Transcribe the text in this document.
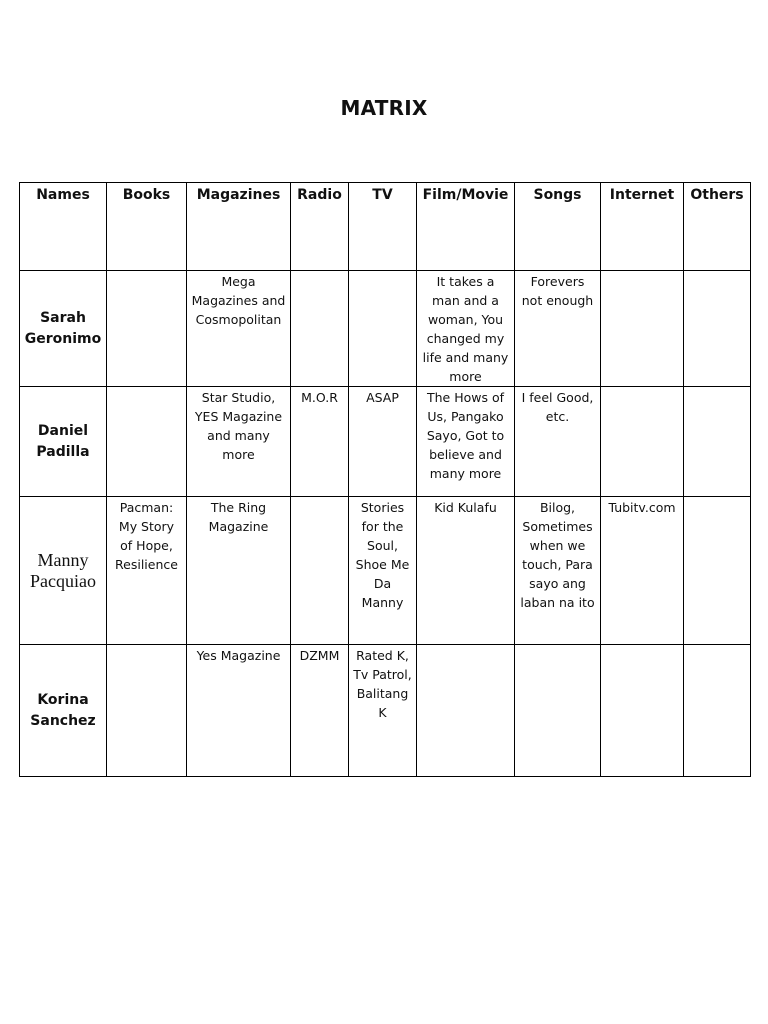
MATRIX
Names	Books	Magazines	Radio	TV	Film/Movie	Songs	Internet	Others
Sarah Geronimo		Mega Magazines and Cosmopolitan			It takes a man and a woman, You changed my life and many more	Forevers not enough		
Daniel Padilla		Star Studio, YES Magazine and many more	M.O.R	ASAP	The Hows of Us, Pangako Sayo, Got to believe and many more	I feel Good, etc.		
Manny Pacquiao	Pacman: My Story of Hope, Resilience	The Ring Magazine		Stories for the Soul, Shoe Me Da Manny	Kid Kulafu	Bilog, Sometimes when we touch, Para sayo ang laban na ito	Tubitv.com	
Korina Sanchez		Yes Magazine	DZMM	Rated K, Tv Patrol, Balitang K				
